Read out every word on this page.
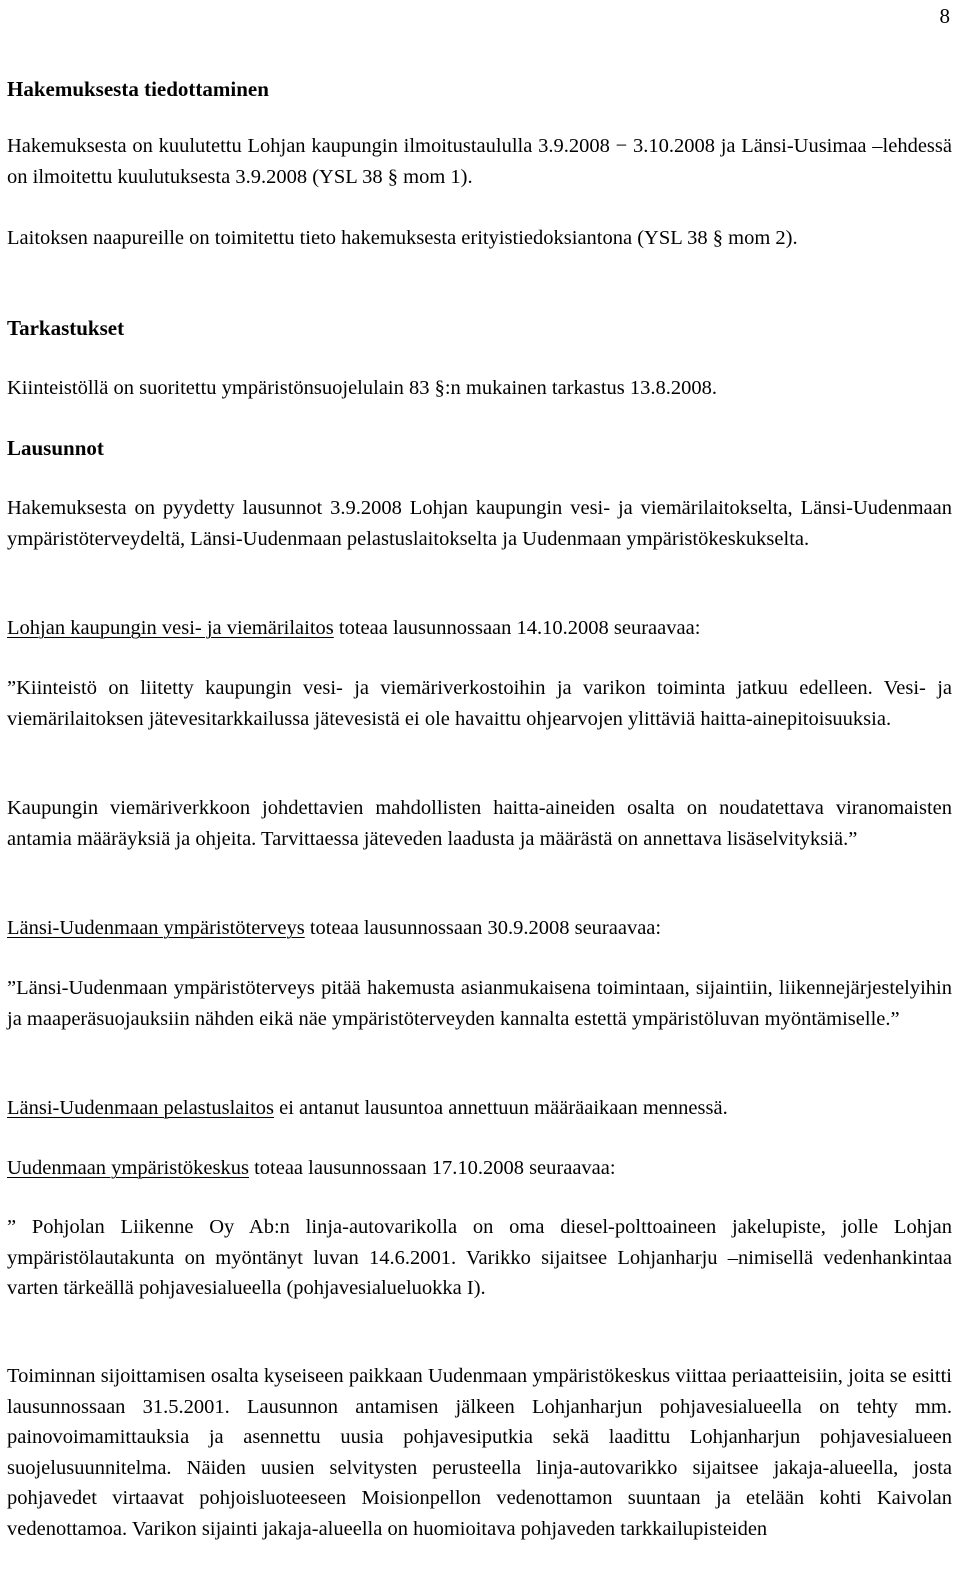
8

Hakemuksesta tiedottaminen

Hakemuksesta on kuulutettu Lohjan kaupungin ilmoitustaululla 3.9.2008 − 3.10.2008 ja Länsi-Uusimaa –lehdessä on ilmoitettu kuulutuksesta 3.9.2008 (YSL 38 § mom 1).

Laitoksen naapureille on toimitettu tieto hakemuksesta erityistiedoksiantona (YSL 38 § mom 2).

Tarkastukset

Kiinteistöllä on suoritettu ympäristönsuojelulain 83 §:n mukainen tarkastus 13.8.2008.

Lausunnot

Hakemuksesta on pyydetty lausunnot 3.9.2008 Lohjan kaupungin vesi- ja viemärilaitokselta, Länsi-Uudenmaan ympäristöterveydeltä, Länsi-Uudenmaan pelastuslaitokselta ja Uudenmaan ympäristökeskukselta.

Lohjan kaupungin vesi- ja viemärilaitos toteaa lausunnossaan 14.10.2008 seuraavaa:

”Kiinteistö on liitetty kaupungin vesi- ja viemäriverkostoihin ja varikon toiminta jatkuu edelleen. Vesi- ja viemärilaitoksen jätevesitarkkailussa jätevesistä ei ole havaittu ohjearvojen ylittäviä haitta-ainepitoisuuksia.

Kaupungin viemäriverkkoon johdettavien mahdollisten haitta-aineiden osalta on noudatettava viranomaisten antamia määräyksiä ja ohjeita. Tarvittaessa jäteveden laadusta ja määrästä on annettava lisäselvityksiä.”

Länsi-Uudenmaan ympäristöterveys toteaa lausunnossaan 30.9.2008 seuraavaa:

”Länsi-Uudenmaan ympäristöterveys pitää hakemusta asianmukaisena toimintaan, sijaintiin, liikennejärjestelyihin ja maaperäsuojauksiin nähden eikä näe ympäristöterveyden kannalta estettä ympäristöluvan myöntämiselle.”

Länsi-Uudenmaan pelastuslaitos ei antanut lausuntoa annettuun määräaikaan mennessä.

Uudenmaan ympäristökeskus toteaa lausunnossaan 17.10.2008 seuraavaa:

” Pohjolan Liikenne Oy Ab:n linja-autovarikolla on oma diesel-polttoaineen jakelupiste, jolle Lohjan ympäristölautakunta on myöntänyt luvan 14.6.2001. Varikko sijaitsee Lohjanharju –nimisellä vedenhankintaa varten tärkeällä pohjavesialueella (pohjavesialueluokka I).

Toiminnan sijoittamisen osalta kyseiseen paikkaan Uudenmaan ympäristökeskus viittaa periaatteisiin, joita se esitti lausunnossaan 31.5.2001. Lausunnon antamisen jälkeen Lohjanharjun pohjavesialueella on tehty mm. painovoimamittauksia ja asennettu uusia pohjavesiputkia sekä laadittu Lohjanharjun pohjavesialueen suojelusuunnitelma. Näiden uusien selvitysten perusteella linja-autovarikko sijaitsee jakaja-alueella, josta pohjavedet virtaavat pohjoisluoteeseen Moisionpellon vedenottamon suuntaan ja etelään kohti Kaivolan vedenottamoa. Varikon sijainti jakaja-alueella on huomioitava pohjaveden tarkkailupisteiden
